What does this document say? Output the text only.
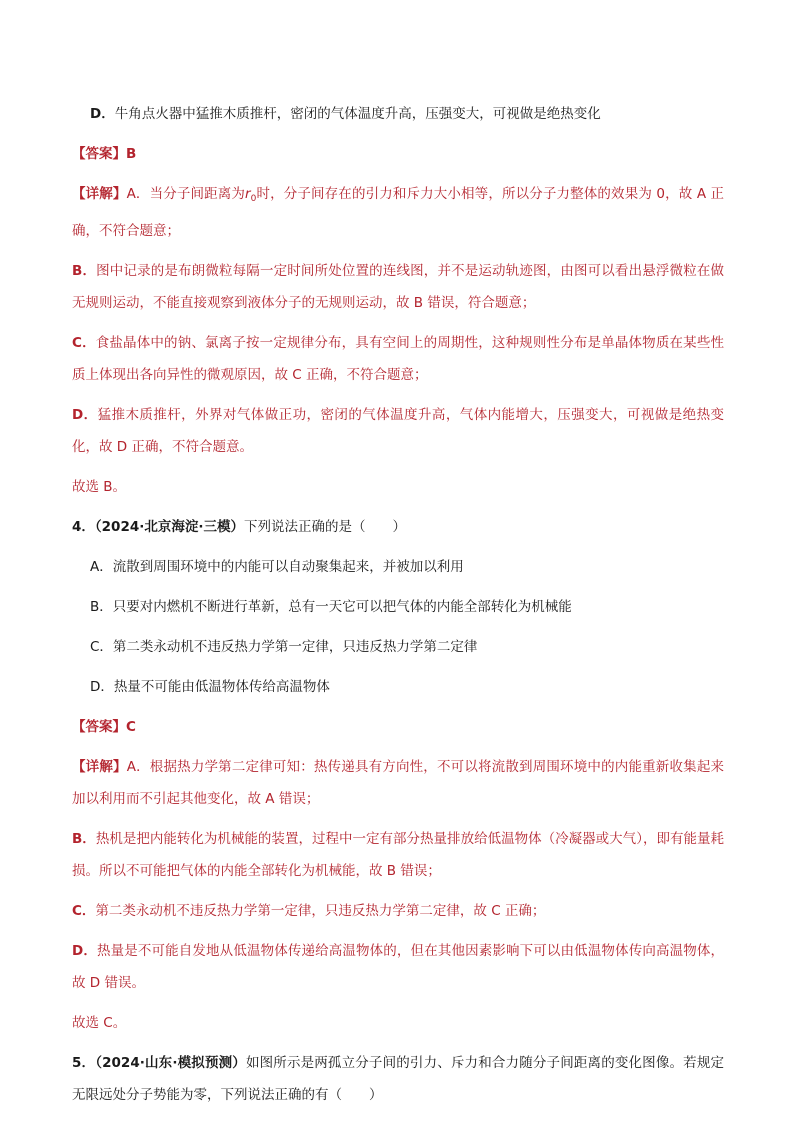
D．牛角点火器中猛推木质推杆，密闭的气体温度升高，压强变大，可视做是绝热变化

【答案】B

【详解】A．当分子间距离为$r_0$时，分子间存在的引力和斥力大小相等，所以分子力整体的效果为 0，故 A 正确，不符合题意；

B．图中记录的是布朗微粒每隔一定时间所处位置的连线图，并不是运动轨迹图，由图可以看出悬浮微粒在做无规则运动，不能直接观察到液体分子的无规则运动，故 B 错误，符合题意；

C．食盐晶体中的钠、氯离子按一定规律分布，具有空间上的周期性，这种规则性分布是单晶体物质在某些性质上体现出各向异性的微观原因，故 C 正确，不符合题意；

D．猛推木质推杆，外界对气体做正功，密闭的气体温度升高，气体内能增大，压强变大，可视做是绝热变化，故 D 正确，不符合题意。

故选 B。

4．（2024·北京海淀·三模）下列说法正确的是（　　）

A．流散到周围环境中的内能可以自动聚集起来，并被加以利用

B．只要对内燃机不断进行革新，总有一天它可以把气体的内能全部转化为机械能

C．第二类永动机不违反热力学第一定律，只违反热力学第二定律

D．热量不可能由低温物体传给高温物体

【答案】C

【详解】A．根据热力学第二定律可知：热传递具有方向性，不可以将流散到周围环境中的内能重新收集起来加以利用而不引起其他变化，故 A 错误；

B．热机是把内能转化为机械能的装置，过程中一定有部分热量排放给低温物体（冷凝器或大气），即有能量耗损。所以不可能把气体的内能全部转化为机械能，故 B 错误；

C．第二类永动机不违反热力学第一定律，只违反热力学第二定律，故 C 正确；

D．热量是不可能自发地从低温物体传递给高温物体的，但在其他因素影响下可以由低温物体传向高温物体，故 D 错误。

故选 C。

5．（2024·山东·模拟预测）如图所示是两孤立分子间的引力、斥力和合力随分子间距离的变化图像。若规定无限远处分子势能为零，下列说法正确的有（　　）
